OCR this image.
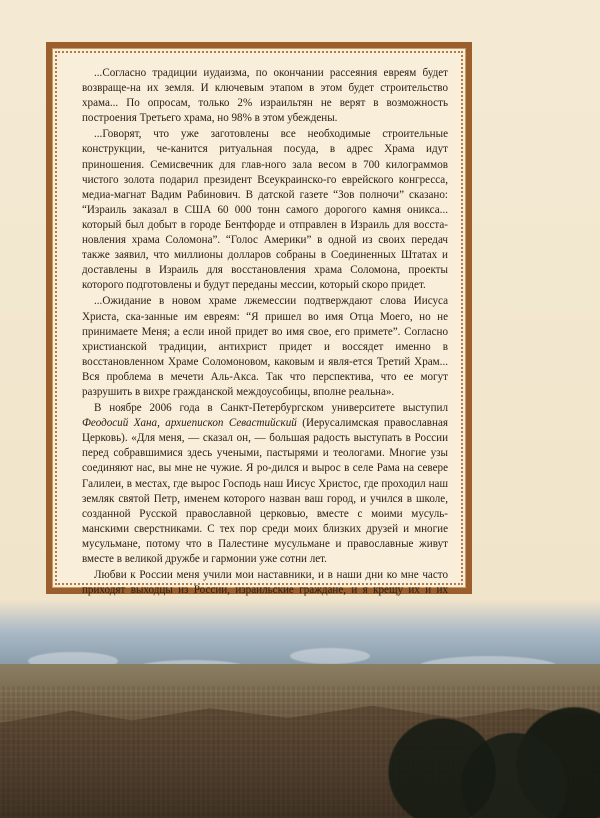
...Согласно традиции иудаизма, по окончании рассеяния евреям будет возвраще-на их земля. И ключевым этапом в этом будет строительство храма... По опросам, только 2% израильтян не верят в возможность построения Третьего храма, но 98% в этом убеждены.

...Говорят, что уже заготовлены все необходимые строительные конструкции, че-канится ритуальная посуда, в адрес Храма идут приношения. Семисвечник для глав-ного зала весом в 700 килограммов чистого золота подарил президент Всеукраинско-го еврейского конгресса, медиа-магнат Вадим Рабинович. В датской газете “Зов полночи” сказано: “Израиль заказал в США 60 000 тонн самого дорогого камня оникса... который был добыт в городе Бентфорде и отправлен в Израиль для восста-новления храма Соломона”. “Голос Америки” в одной из своих передач также заявил, что миллионы долларов собраны в Соединенных Штатах и доставлены в Израиль для восстановления храма Соломона, проекты которого подготовлены и будут переданы мессии, который скоро придет.

...Ожидание в новом храме лжемессии подтверждают слова Иисуса Христа, ска-занные им евреям: “Я пришел во имя Отца Моего, но не принимаете Меня; а если иной придет во имя свое, его примете”. Согласно христианской традиции, антихрист придет и воссядет именно в восстановленном Храме Соломоновом, каковым и явля-ется Третий Храм... Вся проблема в мечети Аль-Акса. Так что перспектива, что ее могут разрушить в вихре гражданской междоусобицы, вполне реальна».

В ноябре 2006 года в Санкт-Петербургском университете выступил Феодосий Хана, архиепископ Севастийский (Иерусалимская православная Церковь). «Для меня, — сказал он, — большая радость выступать в России перед собравшимися здесь учеными, пастырями и теологами. Многие узы соединяют нас, вы мне не чужие. Я ро-дился и вырос в селе Рама на севере Галилеи, в местах, где вырос Господь наш Иисус Христос, где проходил наш земляк святой Петр, именем которого назван ваш город, и учился в школе, созданной Русской православной церковью, вместе с моими мусуль-манскими сверстниками. С тех пор среди моих близких друзей и многие мусульмане, потому что в Палестине мусульмане и православные живут вместе в великой дружбе и гармонии уже сотни лет.

Любви к России меня учили мои наставники, и в наши дни ко мне часто приходят выходцы из России, израильские граждане, и я крещу их и их
